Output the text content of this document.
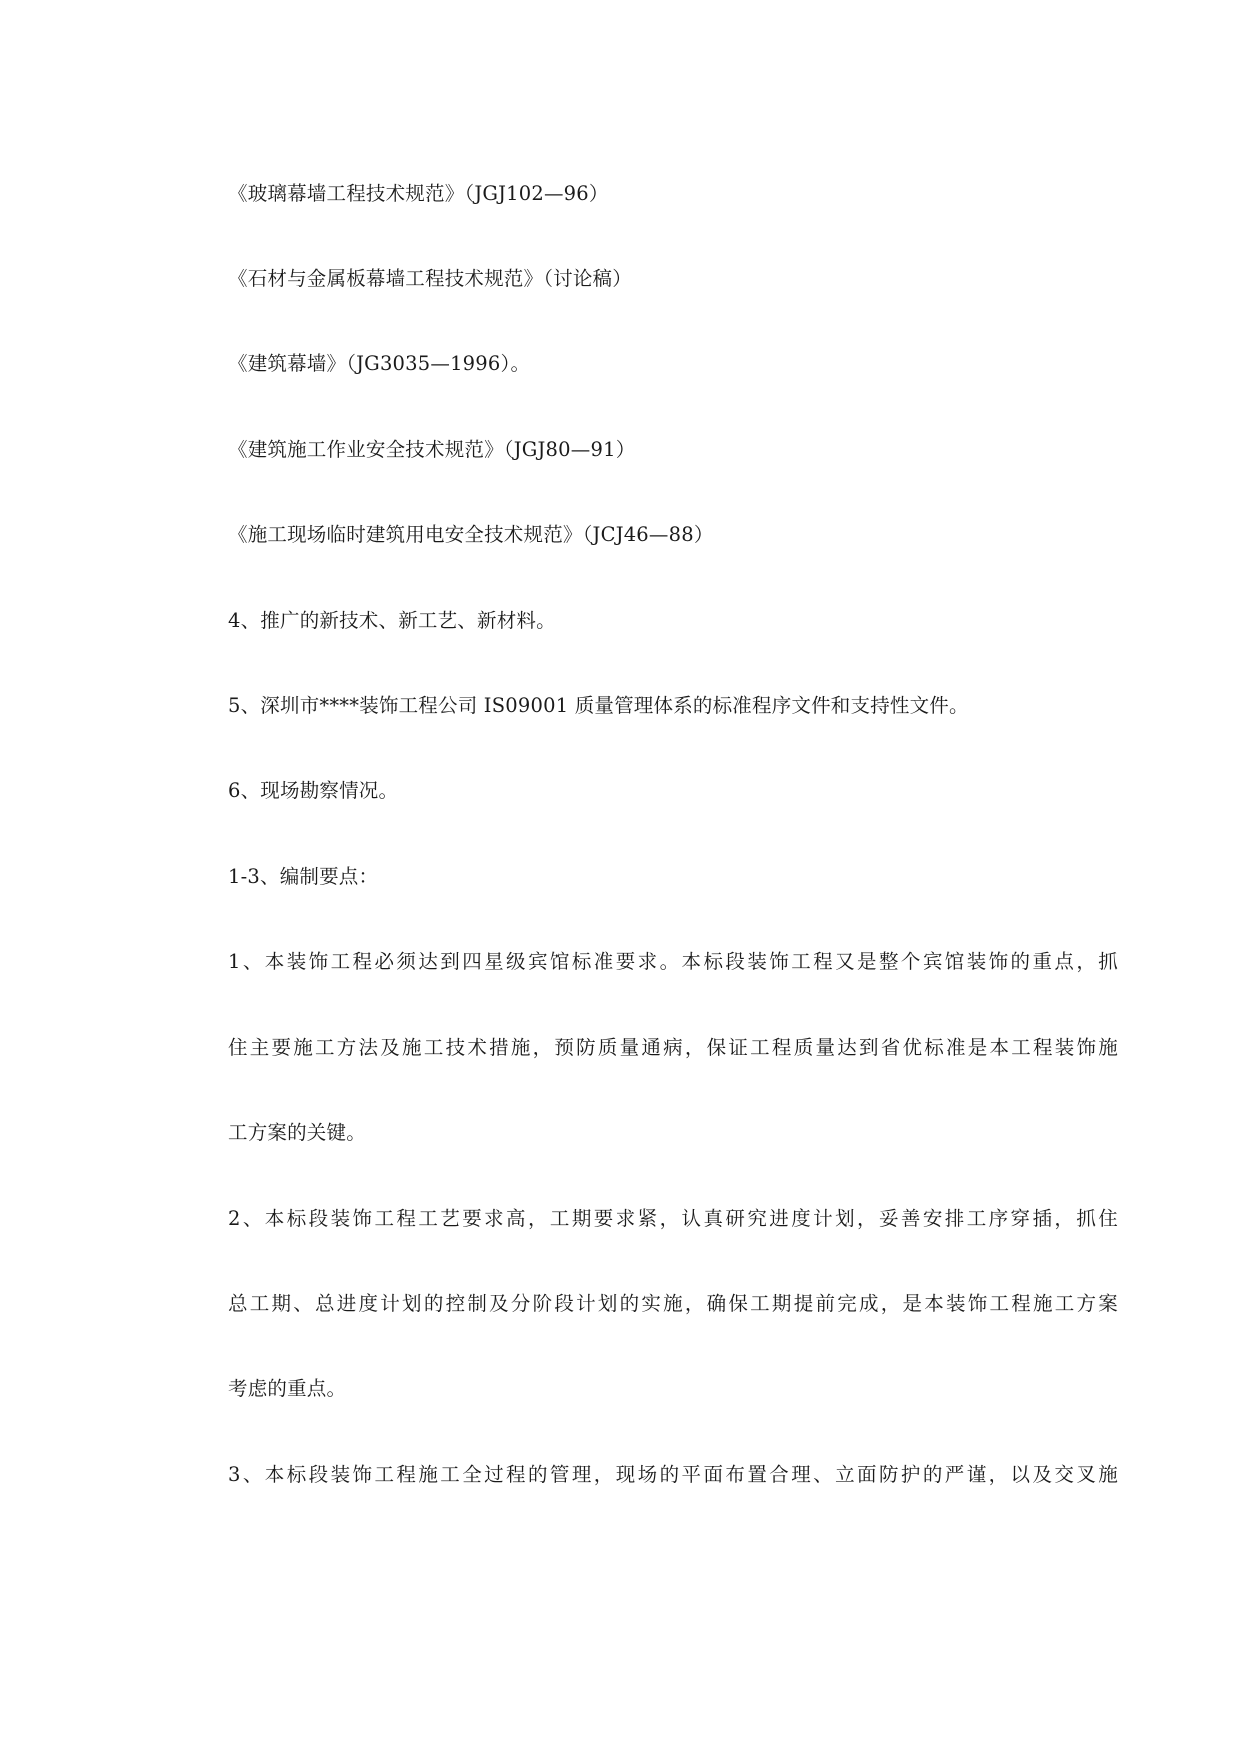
《玻璃幕墙工程技术规范》（JGJ102—96）
《石材与金属板幕墙工程技术规范》（讨论稿）
《建筑幕墙》（JG3035—1996）。
《建筑施工作业安全技术规范》（JGJ80—91）
《施工现场临时建筑用电安全技术规范》（JCJ46—88）
4、推广的新技术、新工艺、新材料。
5、深圳市****装饰工程公司 IS09001 质量管理体系的标准程序文件和支持性文件。
6、现场勘察情况。
1-3、编制要点：
1、本装饰工程必须达到四星级宾馆标准要求。本标段装饰工程又是整个宾馆装饰的重点，抓
住主要施工方法及施工技术措施，预防质量通病，保证工程质量达到省优标准是本工程装饰施
工方案的关键。
2、本标段装饰工程工艺要求高，工期要求紧，认真研究进度计划，妥善安排工序穿插，抓住
总工期、总进度计划的控制及分阶段计划的实施，确保工期提前完成，是本装饰工程施工方案
考虑的重点。
3、本标段装饰工程施工全过程的管理，现场的平面布置合理、立面防护的严谨，以及交叉施
